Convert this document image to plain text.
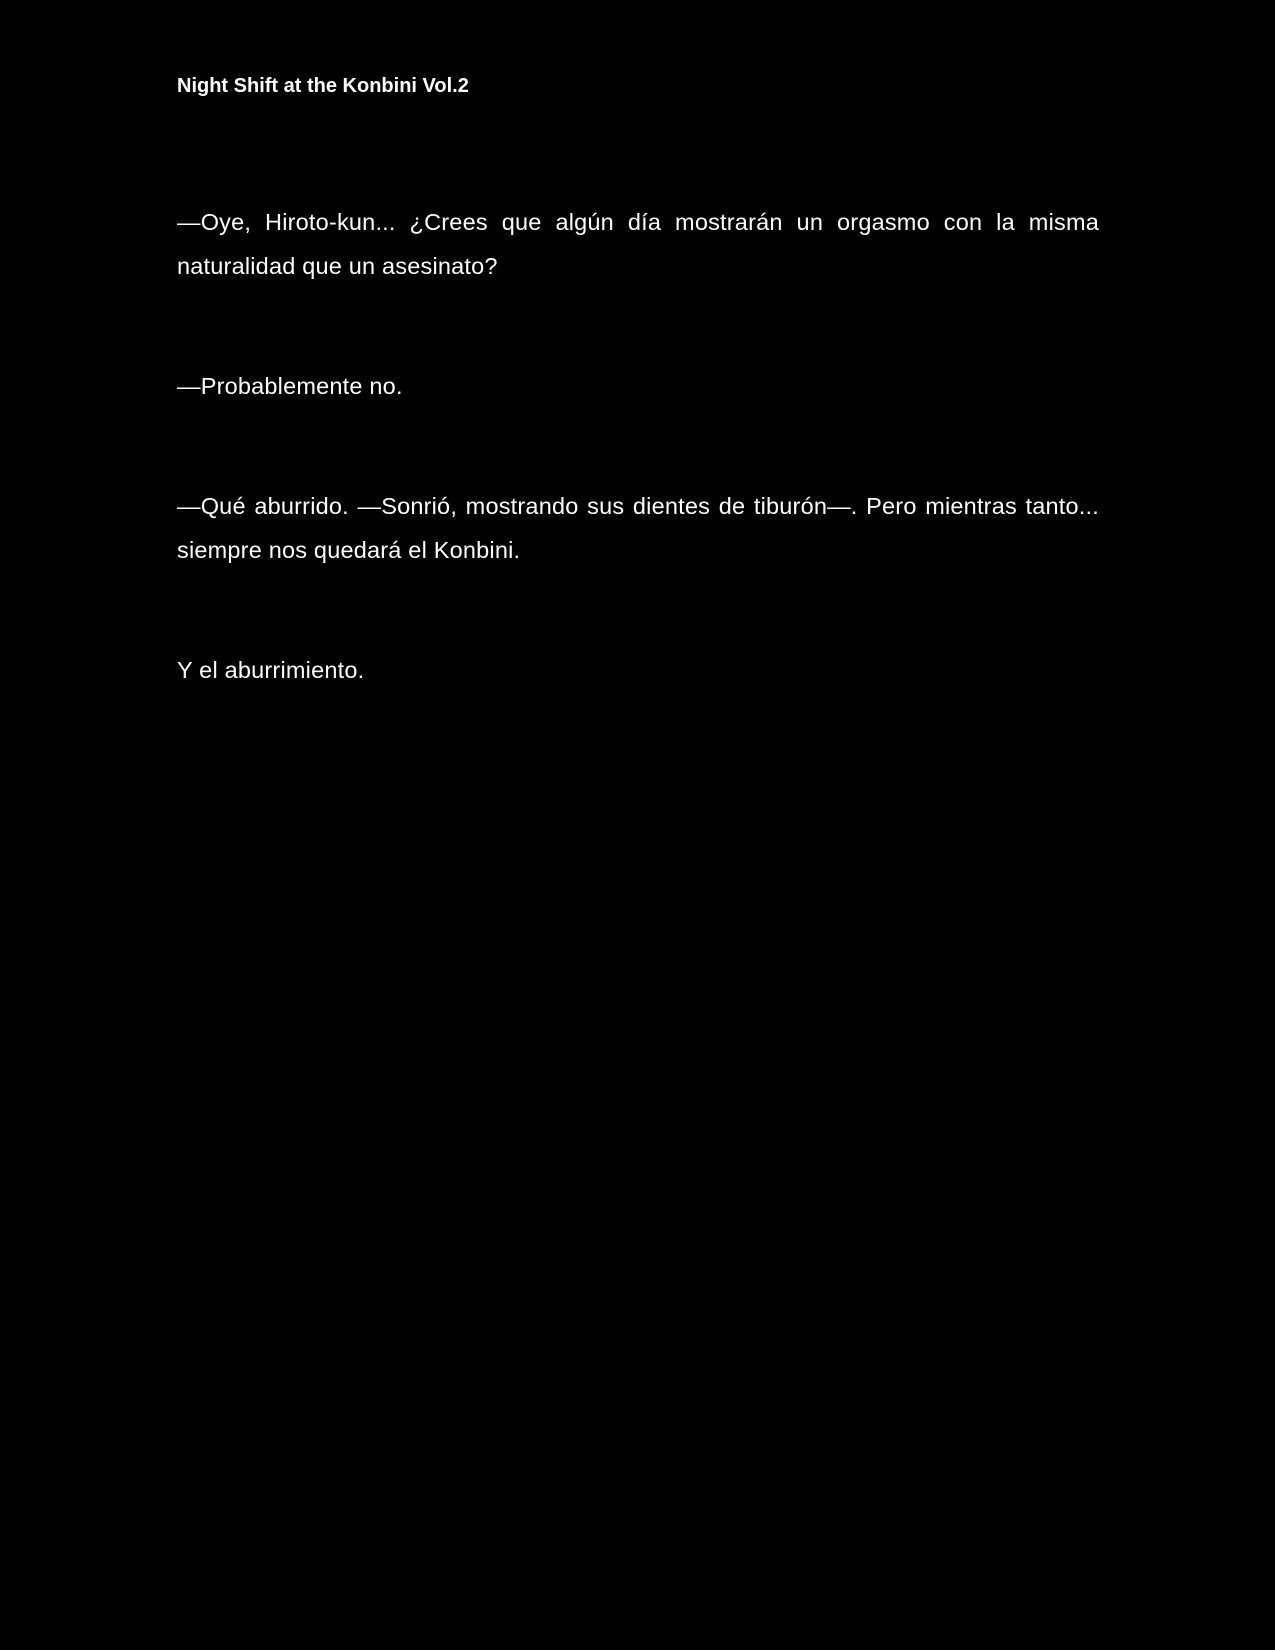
Night Shift at the Konbini Vol.2

—Oye, Hiroto-kun... ¿Crees que algún día mostrarán un orgasmo con la misma naturalidad que un asesinato?

—Probablemente no.

—Qué aburrido. —Sonrió, mostrando sus dientes de tiburón—. Pero mientras tanto... siempre nos quedará el Konbini.

Y el aburrimiento.
